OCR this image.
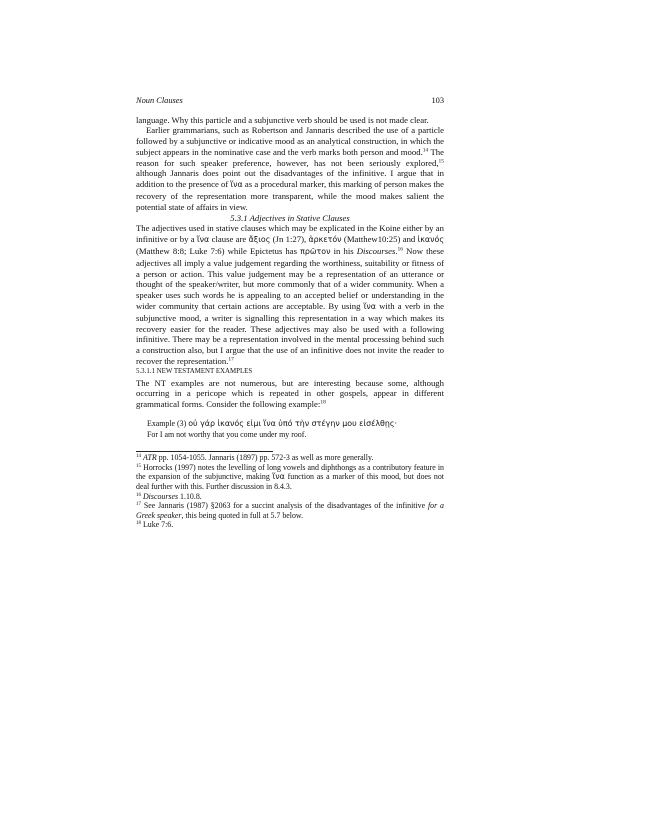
Noun Clauses	103

language. Why this particle and a subjunctive verb should be used is not made clear.

Earlier grammarians, such as Robertson and Jannaris described the use of a particle followed by a subjunctive or indicative mood as an analytical construction, in which the subject appears in the nominative case and the verb marks both person and mood.$^{14}$ The reason for such speaker preference, however, has not been seriously explored,$^{15}$ although Jannaris does point out the disadvantages of the infinitive. I argue that in addition to the presence of ἵνα as a procedural marker, this marking of person makes the recovery of the representation more transparent, while the mood makes salient the potential state of affairs in view.

5.3.1 Adjectives in Stative Clauses

The adjectives used in stative clauses which may be explicated in the Koine either by an infinitive or by a ἵνα clause are ἄξιος (Jn 1:27), ἀρκετόν (Matthew10:25) and ἱκανός (Matthew 8:8; Luke 7:6) while Epictetus has πρῶτον in his Discourses.$^{16}$ Now these adjectives all imply a value judgement regarding the worthiness, suitability or fitness of a person or action. This value judgement may be a representation of an utterance or thought of the speaker/writer, but more commonly that of a wider community. When a speaker uses such words he is appealing to an accepted belief or understanding in the wider community that certain actions are acceptable. By using ἵνα with a verb in the subjunctive mood, a writer is signalling this representation in a way which makes its recovery easier for the reader. These adjectives may also be used with a following infinitive. There may be a representation involved in the mental processing behind such a construction also, but I argue that the use of an infinitive does not invite the reader to recover the representation.$^{17}$

5.3.1.1 NEW TESTAMENT EXAMPLES

The NT examples are not numerous, but are interesting because some, although occurring in a pericope which is repeated in other gospels, appear in different grammatical forms. Consider the following example:$^{18}$

Example (3) οὐ γάρ ἱκανός εἰμι ἵνα ὑπό τὴν στέγην μου εἰσέλθῃς·
For I am not worthy that you come under my roof.

$^{14}$ ATR pp. 1054-1055. Jannaris (1897) pp. 572-3 as well as more generally.

$^{15}$ Horrocks (1997) notes the levelling of long vowels and diphthongs as a contributory feature in the expansion of the subjunctive, making ἵνα function as a marker of this mood, but does not deal further with this. Further discussion in 8.4.3.

$^{16}$ Discourses 1.10.8.

$^{17}$ See Jannaris (1987) §2063 for a succint analysis of the disadvantages of the infinitive for a Greek speaker, this being quoted in full at 5.7 below.

$^{18}$ Luke 7:6.
